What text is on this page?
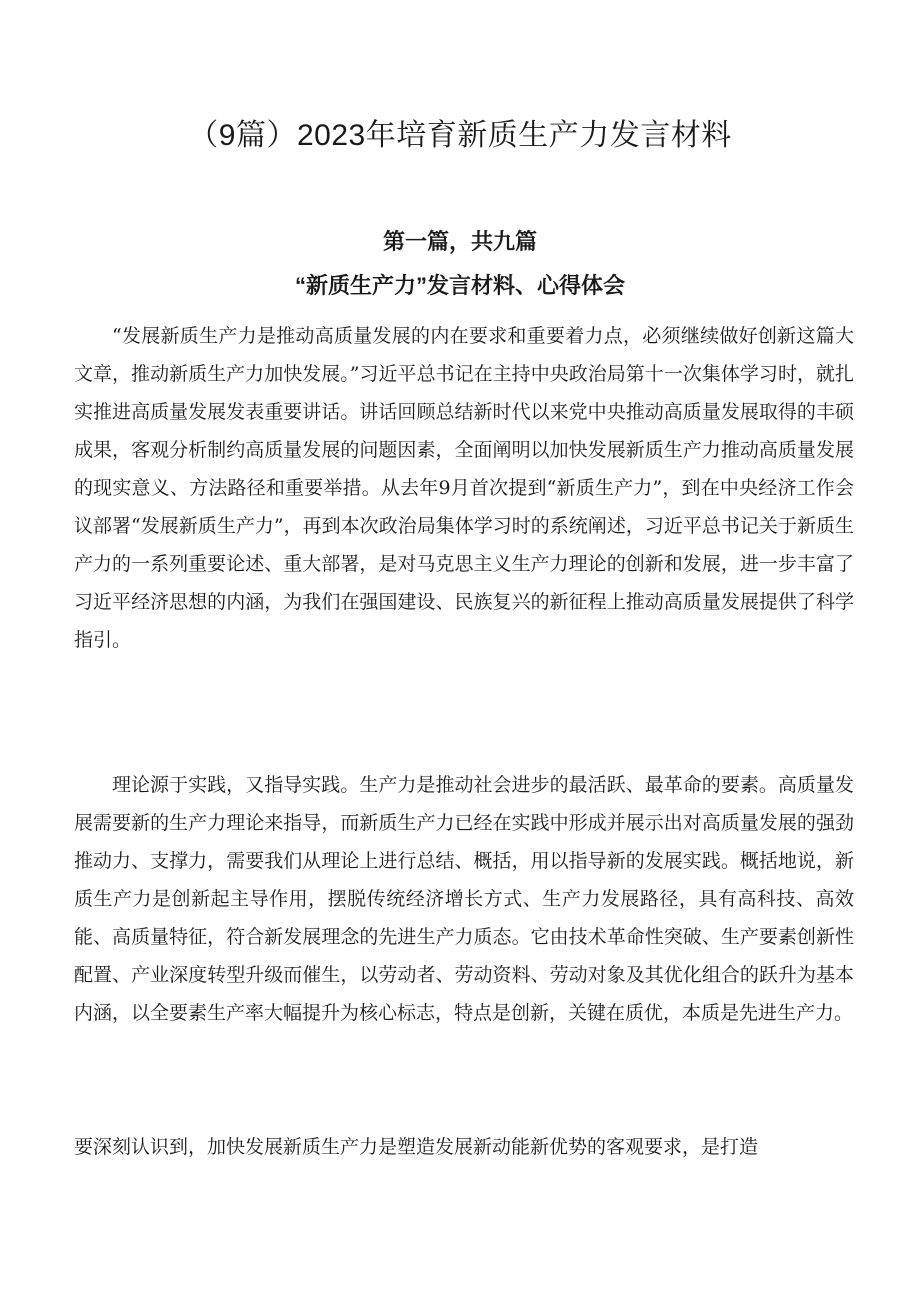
（9篇）2023年培育新质生产力发言材料
第一篇，共九篇
“新质生产力”发言材料、心得体会

“发展新质生产力是推动高质量发展的内在要求和重要着力点，必须继续做好创新这篇大文章，推动新质生产力加快发展。”习近平总书记在主持中央政治局第十一次集体学习时，就扎实推进高质量发展发表重要讲话。讲话回顾总结新时代以来党中央推动高质量发展取得的丰硕成果，客观分析制约高质量发展的问题因素，全面阐明以加快发展新质生产力推动高质量发展的现实意义、方法路径和重要举措。从去年9月首次提到“新质生产力”，到在中央经济工作会议部署“发展新质生产力”，再到本次政治局集体学习时的系统阐述，习近平总书记关于新质生产力的一系列重要论述、重大部署，是对马克思主义生产力理论的创新和发展，进一步丰富了习近平经济思想的内涵，为我们在强国建设、民族复兴的新征程上推动高质量发展提供了科学指引。

理论源于实践，又指导实践。生产力是推动社会进步的最活跃、最革命的要素。高质量发展需要新的生产力理论来指导，而新质生产力已经在实践中形成并展示出对高质量发展的强劲推动力、支撑力，需要我们从理论上进行总结、概括，用以指导新的发展实践。概括地说，新质生产力是创新起主导作用，摆脱传统经济增长方式、生产力发展路径，具有高科技、高效能、高质量特征，符合新发展理念的先进生产力质态。它由技术革命性突破、生产要素创新性配置、产业深度转型升级而催生，以劳动者、劳动资料、劳动对象及其优化组合的跃升为基本内涵，以全要素生产率大幅提升为核心标志，特点是创新，关键在质优，本质是先进生产力。

要深刻认识到，加快发展新质生产力是塑造发展新动能新优势的客观要求，是打造
